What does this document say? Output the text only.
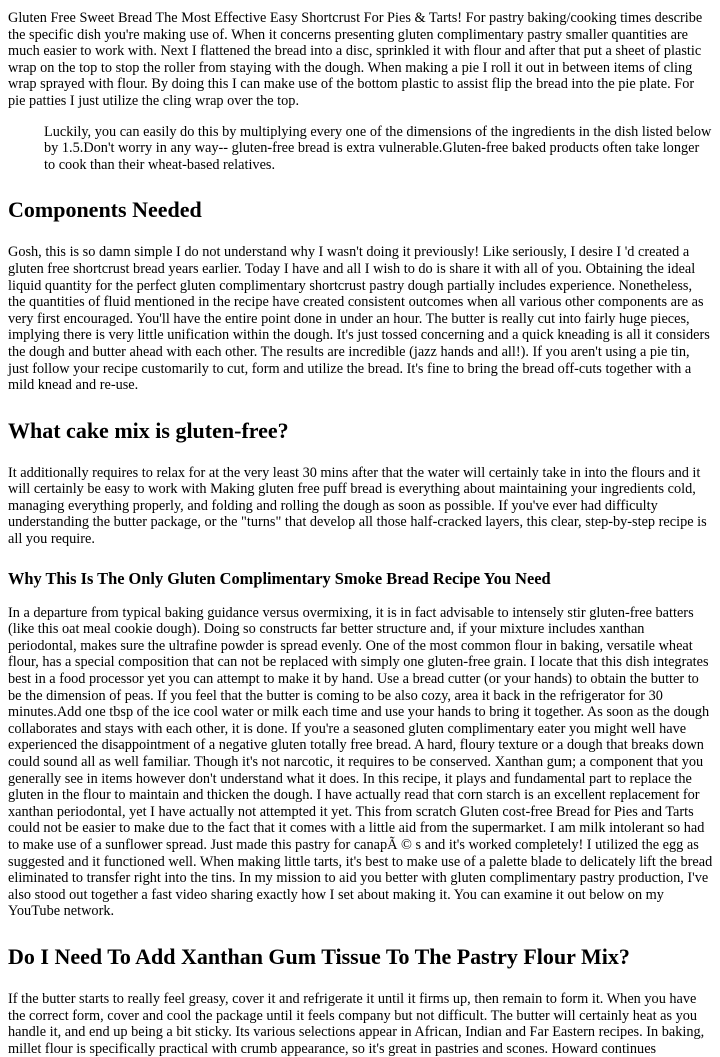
Gluten Free Sweet Bread The Most Effective Easy Shortcrust For Pies & Tarts! For pastry baking/cooking times describe the specific dish you're making use of. When it concerns presenting gluten complimentary pastry smaller quantities are much easier to work with. Next I flattened the bread into a disc, sprinkled it with flour and after that put a sheet of plastic wrap on the top to stop the roller from staying with the dough. When making a pie I roll it out in between items of cling wrap sprayed with flour. By doing this I can make use of the bottom plastic to assist flip the bread into the pie plate. For pie patties I just utilize the cling wrap over the top.

Luckily, you can easily do this by multiplying every one of the dimensions of the ingredients in the dish listed below by 1.5.Don't worry in any way-- gluten-free bread is extra vulnerable.Gluten-free baked products often take longer to cook than their wheat-based relatives.

Components Needed

Gosh, this is so damn simple I do not understand why I wasn't doing it previously! Like seriously, I desire I 'd created a gluten free shortcrust bread years earlier. Today I have and all I wish to do is share it with all of you. Obtaining the ideal liquid quantity for the perfect gluten complimentary shortcrust pastry dough partially includes experience. Nonetheless, the quantities of fluid mentioned in the recipe have created consistent outcomes when all various other components are as very first encouraged. You'll have the entire point done in under an hour. The butter is really cut into fairly huge pieces, implying there is very little unification within the dough. It's just tossed concerning and a quick kneading is all it considers the dough and butter ahead with each other. The results are incredible (jazz hands and all!). If you aren't using a pie tin, just follow your recipe customarily to cut, form and utilize the bread. It's fine to bring the bread off-cuts together with a mild knead and re-use.

What cake mix is gluten-free?

It additionally requires to relax for at the very least 30 mins after that the water will certainly take in into the flours and it will certainly be easy to work with Making gluten free puff bread is everything about maintaining your ingredients cold, managing everything properly, and folding and rolling the dough as soon as possible. If you've ever had difficulty understanding the butter package, or the "turns" that develop all those half-cracked layers, this clear, step-by-step recipe is all you require.

Why This Is The Only Gluten Complimentary Smoke Bread Recipe You Need

In a departure from typical baking guidance versus overmixing, it is in fact advisable to intensely stir gluten-free batters (like this oat meal cookie dough). Doing so constructs far better structure and, if your mixture includes xanthan periodontal, makes sure the ultrafine powder is spread evenly. One of the most common flour in baking, versatile wheat flour, has a special composition that can not be replaced with simply one gluten-free grain. I locate that this dish integrates best in a food processor yet you can attempt to make it by hand. Use a bread cutter (or your hands) to obtain the butter to be the dimension of peas. If you feel that the butter is coming to be also cozy, area it back in the refrigerator for 30 minutes.Add one tbsp of the ice cool water or milk each time and use your hands to bring it together. As soon as the dough collaborates and stays with each other, it is done. If you're a seasoned gluten complimentary eater you might well have experienced the disappointment of a negative gluten totally free bread. A hard, floury texture or a dough that breaks down could sound all as well familiar. Though it's not narcotic, it requires to be conserved. Xanthan gum; a component that you generally see in items however don't understand what it does. In this recipe, it plays and fundamental part to replace the gluten in the flour to maintain and thicken the dough. I have actually read that corn starch is an excellent replacement for xanthan periodontal, yet I have actually not attempted it yet. This from scratch Gluten cost-free Bread for Pies and Tarts could not be easier to make due to the fact that it comes with a little aid from the supermarket. I am milk intolerant so had to make use of a sunflower spread. Just made this pastry for canapÃ © s and it's worked completely! I utilized the egg as suggested and it functioned well. When making little tarts, it's best to make use of a palette blade to delicately lift the bread eliminated to transfer right into the tins. In my mission to aid you better with gluten complimentary pastry production, I've also stood out together a fast video sharing exactly how I set about making it. You can examine it out below on my YouTube network.

Do I Need To Add Xanthan Gum Tissue To The Pastry Flour Mix?

If the butter starts to really feel greasy, cover it and refrigerate it until it firms up, then remain to form it. When you have the correct form, cover and cool the package until it feels company but not difficult. The butter will certainly heat as you handle it, and end up being a bit sticky. Its various selections appear in African, Indian and Far Eastern recipes. In baking, millet flour is specifically practical with crumb appearance, so it's great in pastries and scones. Howard continues
